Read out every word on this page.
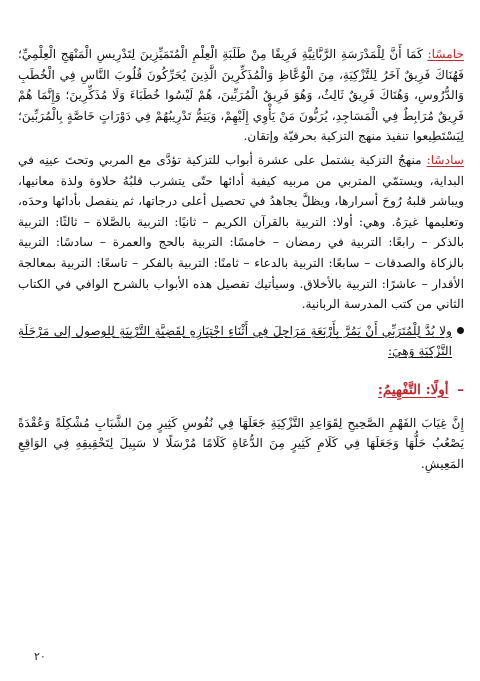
خامسًا: كَمَا أَنَّ لِلْمَدْرَسَةِ الرَّبَّانِيَّةِ فَرِيقًا مِنْ طَلَبَةِ الْعِلْمِ الْمُتَمَيِّزِينَ لِتَدْرِيسِ الْمَنْهَجِ الْعِلْمِيِّ؛ فَهُنَاكَ فَرِيقٌ آخَرُ لِلتَّزْكِيَةِ، مِنَ الْوُعَّاظِ وَالْمُذَكِّرِينَ الَّذِينَ يُحَرِّكُونَ قُلُوبَ النَّاسِ فِي الْخُطَبِ وَالدُّرُوسِ، وَهُنَاكَ فَرِيقٌ ثَالِثٌ، وَهُوَ فَرِيقُ الْمُرَبِّينَ، هُمْ لَيْسُوا خُطَبَاءَ وَلَا مُذَكِّرِينَ؛ وَإِنَّمَا هُمْ فَرِيقٌ مُرَابِطٌ فِي الْمَسَاجِدِ، يُرَبُّونَ مَنْ يَأْوِي إِلَيْهِمْ، وَيَتِمُّ تَدْرِيبُهُمْ فِي دَوْرَاتٍ خَاصَّةٍ بِالْمُرَبِّينَ؛ لِيَسْتَطِيعوا تنفيذ منهج التزكية بحرفيّة وإتقان.

سادسًا: منهجُ التزكية يشتمل على عشرة أبواب للتزكية تؤدَّى مع المربي وتحتَ عينِه في البداية، ويستمّي المتربي من مربيه كيفية أدائها حتّى يتشرب قلبُهُ حلاوة ولذة معانيها، ويباشر قلبهُ رُوحَ أسرارها، ويظلَّ يجاهدُ في تحصيل أعلى درجاتها، ثم ينفصل بأدائها وحدَه، وتعليمها غيرَهُ. وهي: أولا: التربية بالقرآن الكريم – ثانيًا: التربية بالصَّلاة – ثالثًا: التربية بالذكر – رابعًا: التربية في رمضان – خامسًا: التربية بالحج والعمرة – سادسًا: التربية بالزكاة والصدقات – سابعًا: التربية بالدعاء – ثامنًا: التربية بالفكر – تاسعًا: التربية بمعالجة الأقدار – عاشرًا: التربية بالأخلاق. وسيأتيك تفصيل هذه الأبواب بالشرح الوافي في الكتاب الثاني من كتب المدرسة الربانية.

ولا بُدَّ لِلْمُتَرَبِّي أَنْ يَمُرَّ بِأَرْبَعَةِ مَرَاحِلَ فِي أَثْنَاءِ اجْتِيَازِهِ لِقَضِيَّةِ التَّرْبِيَةِ لِلوصول إلى مَرْحَلَةِ التَّزْكِيَةِ وَهِيَ:

– أولًا: التَّفْهِيمُ:

إِنَّ غِيَابَ الفَهْمِ الصَّحِيحِ لِقَوَاعِدِ التَّزْكِيَةِ جَعَلَهَا فِي نُفُوسِ كَثِيرٍ مِنَ الشَّبَابِ مُشْكِلَةً وَعُقْدَةً يَصْعُبُ حَلُّهَا وَجَعَلَهَا فِي كَلَامِ كَثِيرٍ مِنَ الدُّعَاةِ كَلَامًا مُرْسَلًا لا سَبِيلَ لِتَحْقِيقِهِ فِي الوَاقِعِ المَعِيشِ.

٢٠
